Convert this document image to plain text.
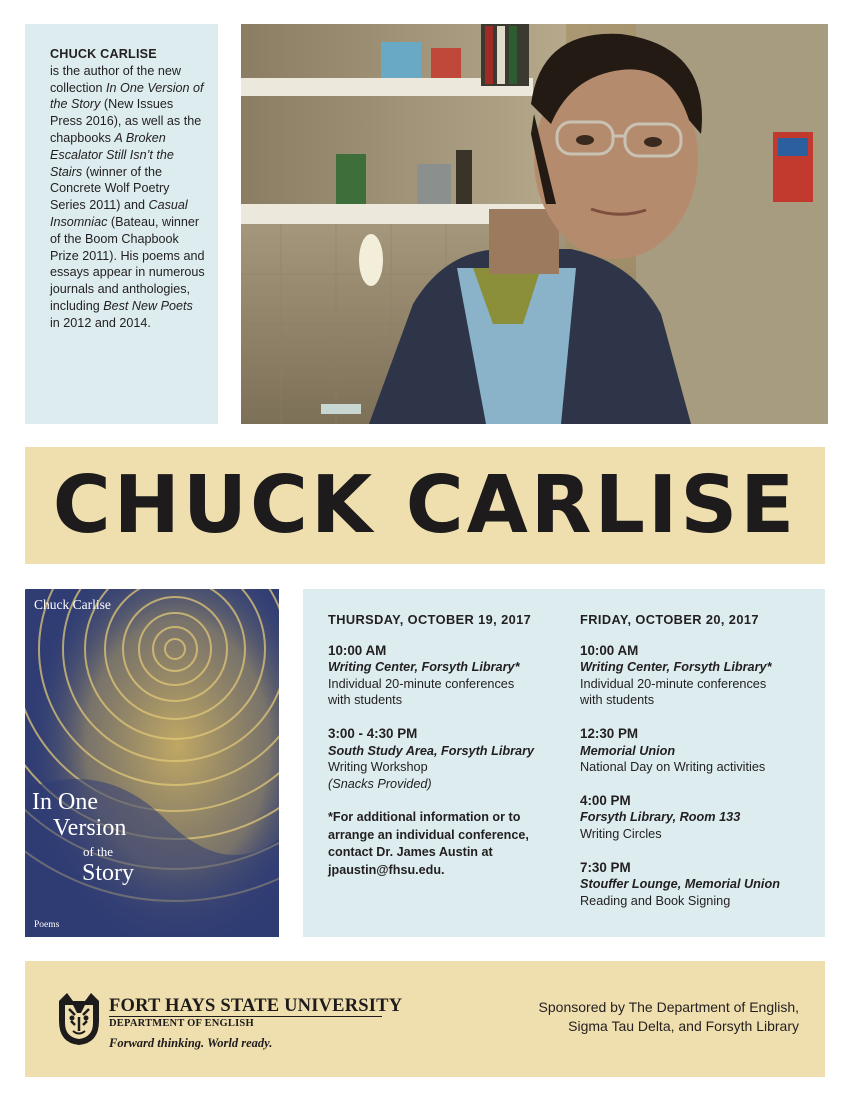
CHUCK CARLISE
is the author of the new collection In One Version of the Story (New Issues Press 2016), as well as the chapbooks A Broken Escalator Still Isn’t the Stairs (winner of the Concrete Wolf Poetry Series 2011) and Casual Insomniac (Bateau, winner of the Boom Chapbook Prize 2011). His poems and essays appear in numerous journals and anthologies, including Best New Poets in 2012 and 2014.

CHUCK CARLISE

Chuck Carlise

In One

Version

of the

Story

Poems

THURSDAY, OCTOBER 19, 2017
10:00 AM
Writing Center, Forsyth Library*
Individual 20-minute conferences
with students
3:00 - 4:30 PM
South Study Area, Forsyth Library
Writing Workshop
(Snacks Provided)
*For additional information or to
arrange an individual conference,
contact Dr. James Austin at
jpaustin@fhsu.edu.
FRIDAY, OCTOBER 20, 2017
10:00 AM
Writing Center, Forsyth Library*
Individual 20-minute conferences
with students
12:30 PM
Memorial Union
National Day on Writing activities
4:00 PM
Forsyth Library, Room 133
Writing Circles
7:30 PM
Stouffer Lounge, Memorial Union
Reading and Book Signing

FORT HAYS STATE UNIVERSITY

DEPARTMENT OF ENGLISH

Forward thinking. World ready.

Sponsored by The Department of English,
Sigma Tau Delta, and Forsyth Library
